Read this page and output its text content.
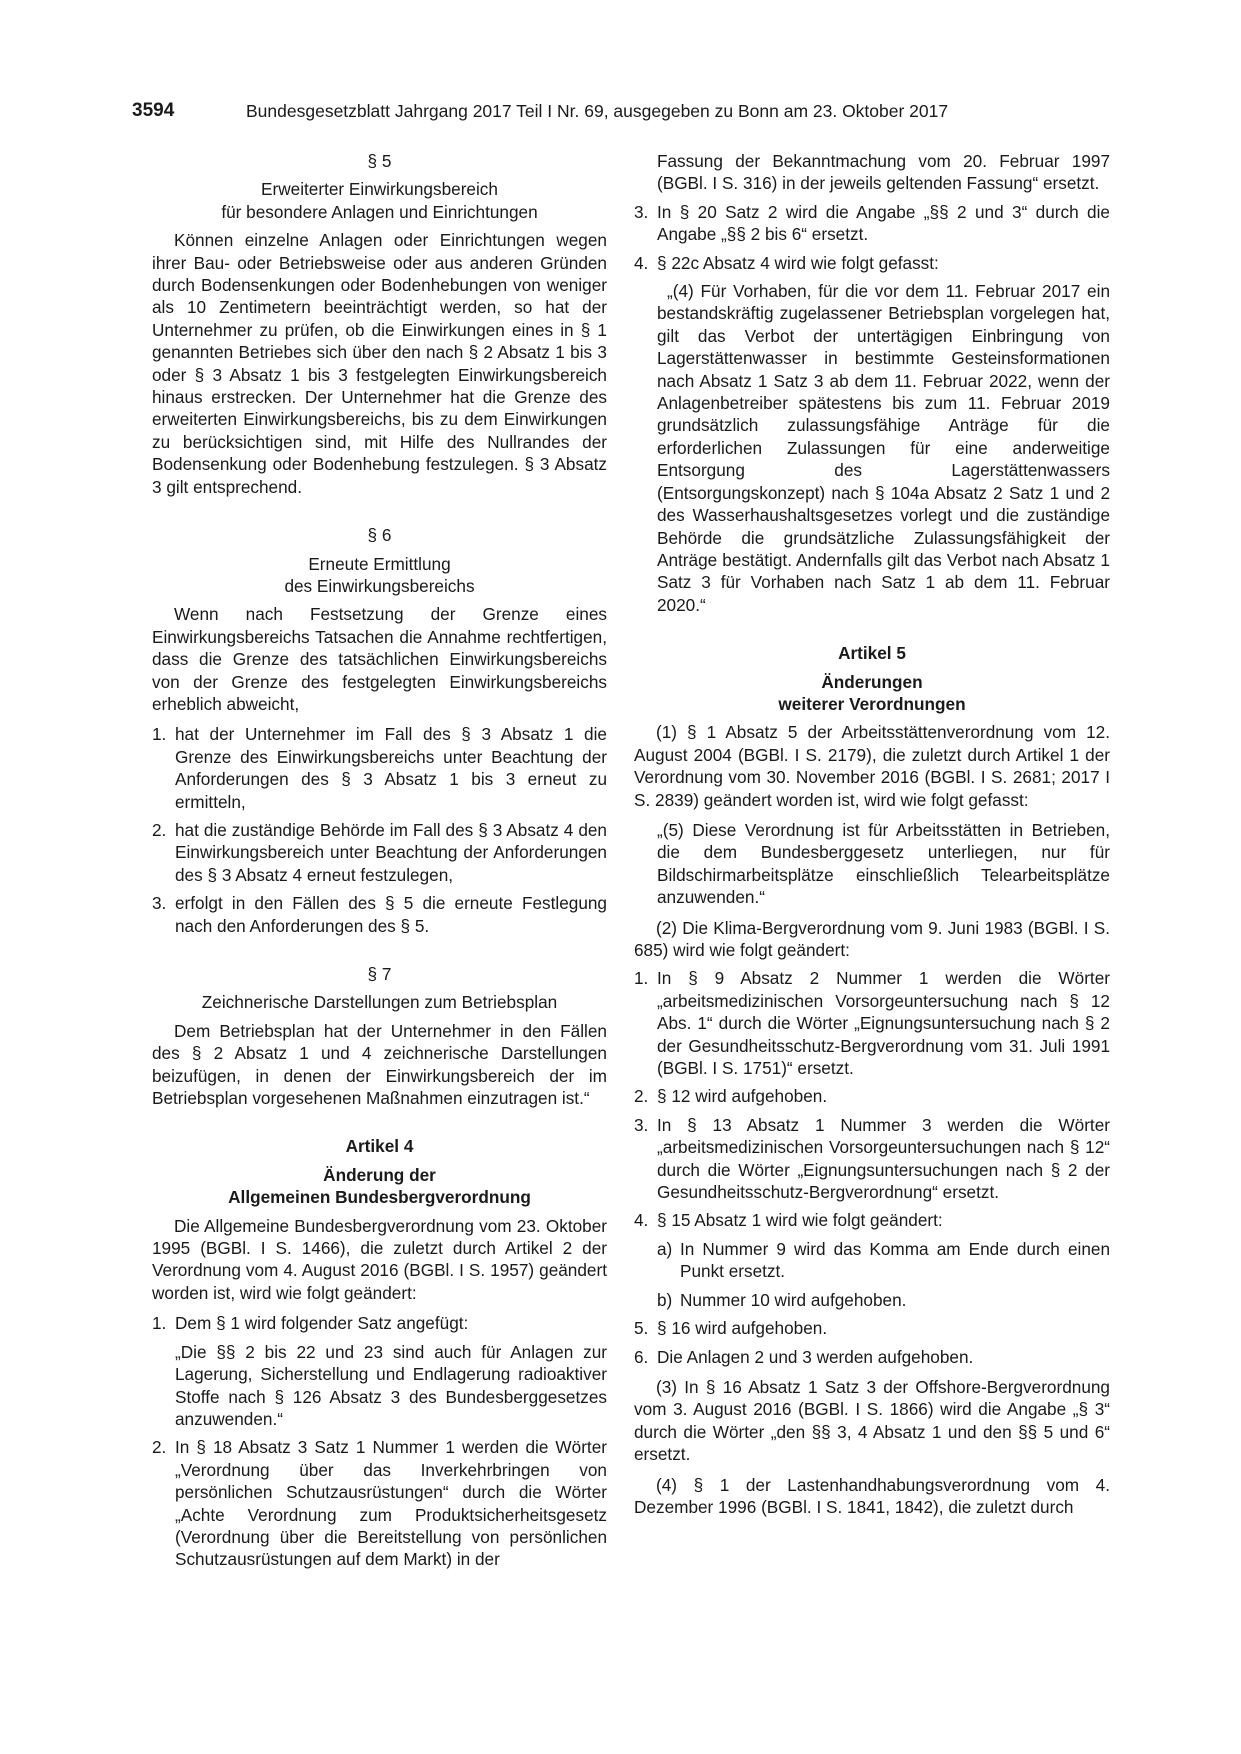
3594	Bundesgesetzblatt Jahrgang 2017 Teil I Nr. 69, ausgegeben zu Bonn am 23. Oktober 2017

§ 5

Erweiterter Einwirkungsbereich

für besondere Anlagen und Einrichtungen

Können einzelne Anlagen oder Einrichtungen wegen ihrer Bau- oder Betriebsweise oder aus anderen Gründen durch Bodensenkungen oder Bodenhebungen von weniger als 10 Zentimetern beeinträchtigt werden, so hat der Unternehmer zu prüfen, ob die Einwirkungen eines in § 1 genannten Betriebes sich über den nach § 2 Absatz 1 bis 3 oder § 3 Absatz 1 bis 3 festgelegten Einwirkungsbereich hinaus erstrecken. Der Unternehmer hat die Grenze des erweiterten Einwirkungsbereichs, bis zu dem Einwirkungen zu berücksichtigen sind, mit Hilfe des Nullrandes der Bodensenkung oder Bodenhebung festzulegen. § 3 Absatz 3 gilt entsprechend.

§ 6

Erneute Ermittlung

des Einwirkungsbereichs

Wenn nach Festsetzung der Grenze eines Einwirkungsbereichs Tatsachen die Annahme rechtfertigen, dass die Grenze des tatsächlichen Einwirkungsbereichs von der Grenze des festgelegten Einwirkungsbereichs erheblich abweicht,

1. hat der Unternehmer im Fall des § 3 Absatz 1 die Grenze des Einwirkungsbereichs unter Beachtung der Anforderungen des § 3 Absatz 1 bis 3 erneut zu ermitteln,
2. hat die zuständige Behörde im Fall des § 3 Absatz 4 den Einwirkungsbereich unter Beachtung der Anforderungen des § 3 Absatz 4 erneut festzulegen,
3. erfolgt in den Fällen des § 5 die erneute Festlegung nach den Anforderungen des § 5.

§ 7

Zeichnerische Darstellungen zum Betriebsplan

Dem Betriebsplan hat der Unternehmer in den Fällen des § 2 Absatz 1 und 4 zeichnerische Darstellungen beizufügen, in denen der Einwirkungsbereich der im Betriebsplan vorgesehenen Maßnahmen einzutragen ist.“

Artikel 4

Änderung der

Allgemeinen Bundesbergverordnung

Die Allgemeine Bundesbergverordnung vom 23. Oktober 1995 (BGBl. I S. 1466), die zuletzt durch Artikel 2 der Verordnung vom 4. August 2016 (BGBl. I S. 1957) geändert worden ist, wird wie folgt geändert:

1. Dem § 1 wird folgender Satz angefügt:

„Die §§ 2 bis 22 und 23 sind auch für Anlagen zur Lagerung, Sicherstellung und Endlagerung radioaktiver Stoffe nach § 126 Absatz 3 des Bundesberggesetzes anzuwenden.“

2. In § 18 Absatz 3 Satz 1 Nummer 1 werden die Wörter „Verordnung über das Inverkehrbringen von persönlichen Schutzausrüstungen“ durch die Wörter „Achte Verordnung zum Produktsicherheitsgesetz (Verordnung über die Bereitstellung von persönlichen Schutzausrüstungen auf dem Markt) in der

Fassung der Bekanntmachung vom 20. Februar 1997 (BGBl. I S. 316) in der jeweils geltenden Fassung“ ersetzt.

3. In § 20 Satz 2 wird die Angabe „§§ 2 und 3“ durch die Angabe „§§ 2 bis 6“ ersetzt.
4. § 22c Absatz 4 wird wie folgt gefasst:

„(4) Für Vorhaben, für die vor dem 11. Februar 2017 ein bestandskräftig zugelassener Betriebsplan vorgelegen hat, gilt das Verbot der untertägigen Einbringung von Lagerstättenwasser in bestimmte Gesteinsformationen nach Absatz 1 Satz 3 ab dem 11. Februar 2022, wenn der Anlagenbetreiber spätestens bis zum 11. Februar 2019 grundsätzlich zulassungsfähige Anträge für die erforderlichen Zulassungen für eine anderweitige Entsorgung des Lagerstättenwassers (Entsorgungskonzept) nach § 104a Absatz 2 Satz 1 und 2 des Wasserhaushaltsgesetzes vorlegt und die zuständige Behörde die grundsätzliche Zulassungsfähigkeit der Anträge bestätigt. Andernfalls gilt das Verbot nach Absatz 1 Satz 3 für Vorhaben nach Satz 1 ab dem 11. Februar 2020.“

Artikel 5

Änderungen

weiterer Verordnungen

(1) § 1 Absatz 5 der Arbeitsstättenverordnung vom 12. August 2004 (BGBl. I S. 2179), die zuletzt durch Artikel 1 der Verordnung vom 30. November 2016 (BGBl. I S. 2681; 2017 I S. 2839) geändert worden ist, wird wie folgt gefasst:

„(5) Diese Verordnung ist für Arbeitsstätten in Betrieben, die dem Bundesberggesetz unterliegen, nur für Bildschirmarbeitsplätze einschließlich Telearbeitsplätze anzuwenden.“

(2) Die Klima-Bergverordnung vom 9. Juni 1983 (BGBl. I S. 685) wird wie folgt geändert:

1. In § 9 Absatz 2 Nummer 1 werden die Wörter „arbeitsmedizinischen Vorsorgeuntersuchung nach § 12 Abs. 1“ durch die Wörter „Eignungsuntersuchung nach § 2 der Gesundheitsschutz-Bergverordnung vom 31. Juli 1991 (BGBl. I S. 1751)“ ersetzt.
2. § 12 wird aufgehoben.
3. In § 13 Absatz 1 Nummer 3 werden die Wörter „arbeitsmedizinischen Vorsorgeuntersuchungen nach § 12“ durch die Wörter „Eignungsuntersuchungen nach § 2 der Gesundheitsschutz-Bergverordnung“ ersetzt.
4. § 15 Absatz 1 wird wie folgt geändert:
a) In Nummer 9 wird das Komma am Ende durch einen Punkt ersetzt.
b) Nummer 10 wird aufgehoben.
5. § 16 wird aufgehoben.
6. Die Anlagen 2 und 3 werden aufgehoben.

(3) In § 16 Absatz 1 Satz 3 der Offshore-Bergverordnung vom 3. August 2016 (BGBl. I S. 1866) wird die Angabe „§ 3“ durch die Wörter „den §§ 3, 4 Absatz 1 und den §§ 5 und 6“ ersetzt.

(4) § 1 der Lastenhandhabungsverordnung vom 4. Dezember 1996 (BGBl. I S. 1841, 1842), die zuletzt durch
